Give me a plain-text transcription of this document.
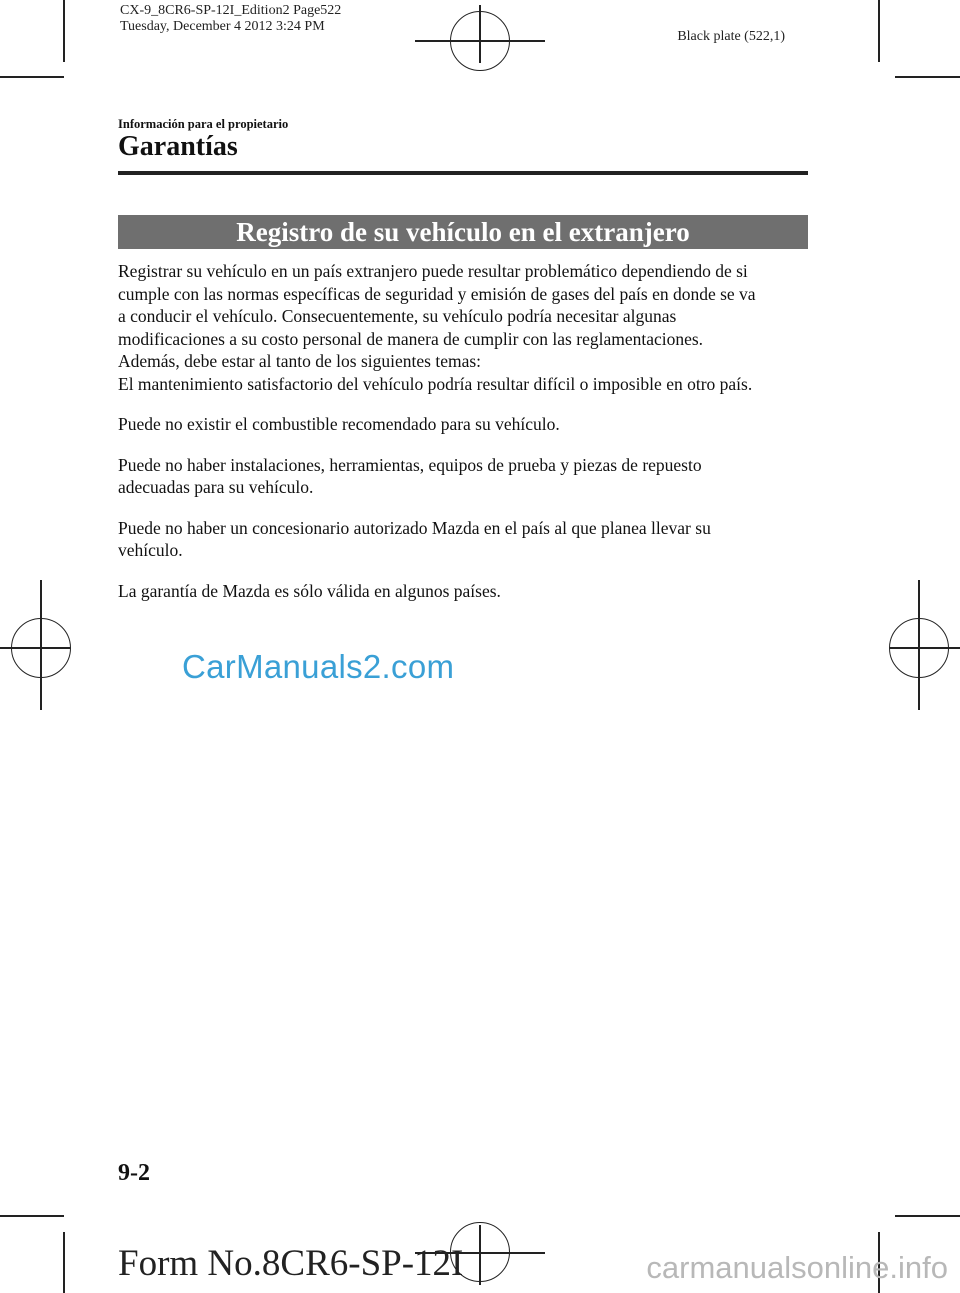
CX-9_8CR6-SP-12I_Edition2 Page522
Tuesday, December 4 2012 3:24 PM
Black plate (522,1)
Información para el propietario
Garantías
Registro de su vehículo en el extranjero
Registrar su vehículo en un país extranjero puede resultar problemático dependiendo de si
cumple con las normas específicas de seguridad y emisión de gases del país en donde se va
a conducir el vehículo. Consecuentemente, su vehículo podría necesitar algunas
modificaciones a su costo personal de manera de cumplir con las reglamentaciones.
Además, debe estar al tanto de los siguientes temas:
El mantenimiento satisfactorio del vehículo podría resultar difícil o imposible en otro país.
Puede no existir el combustible recomendado para su vehículo.
Puede no haber instalaciones, herramientas, equipos de prueba y piezas de repuesto
adecuadas para su vehículo.
Puede no haber un concesionario autorizado Mazda en el país al que planea llevar su
vehículo.
La garantía de Mazda es sólo válida en algunos países.
CarManuals2.com
9-2
Form No.8CR6-SP-12I	carmanualsonline.info
